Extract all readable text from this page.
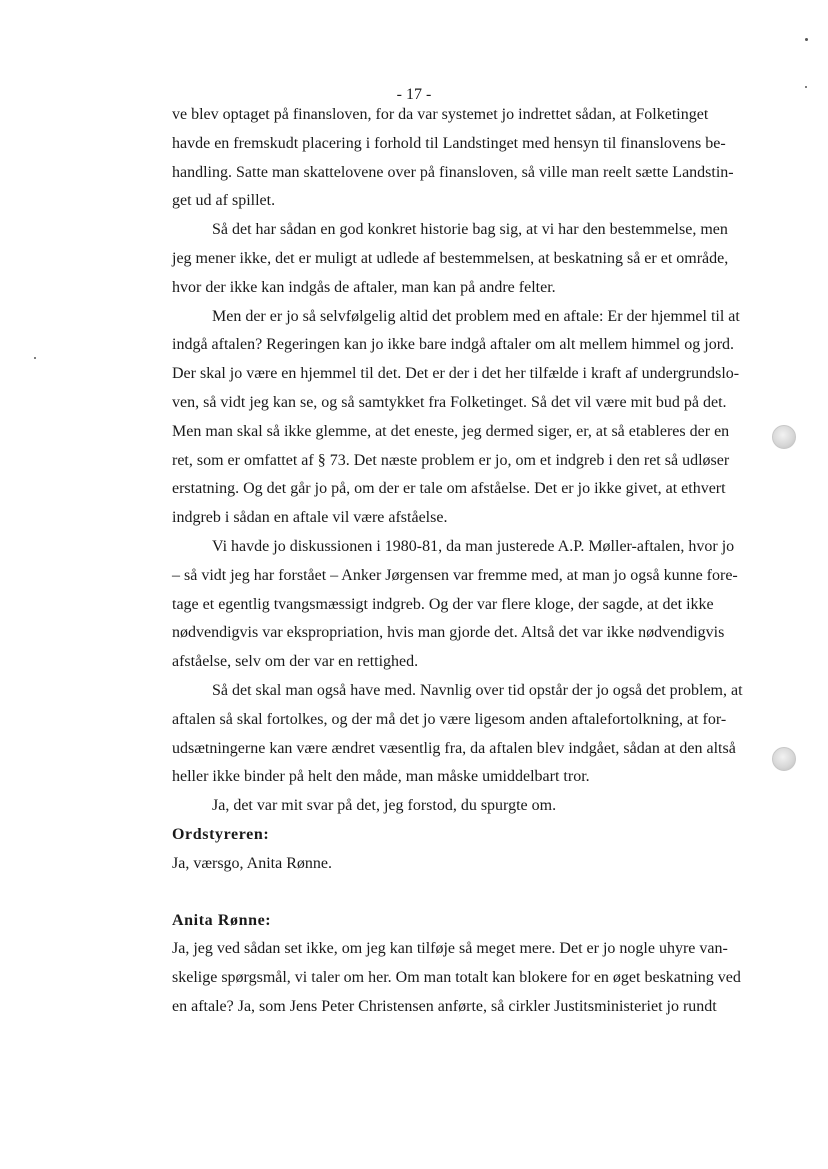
- 17 -

ve blev optaget på finansloven, for da var systemet jo indrettet sådan, at Folketinget

havde en fremskudt placering i forhold til Landstinget med hensyn til finanslovens be-

handling. Satte man skattelovene over på finansloven, så ville man reelt sætte Landstin-

get ud af spillet.

Så det har sådan en god konkret historie bag sig, at vi har den bestemmelse, men

jeg mener ikke, det er muligt at udlede af bestemmelsen, at beskatning så er et område,

hvor der ikke kan indgås de aftaler, man kan på andre felter.

Men der er jo så selvfølgelig altid det problem med en aftale: Er der hjemmel til at

indgå aftalen? Regeringen kan jo ikke bare indgå aftaler om alt mellem himmel og jord.

Der skal jo være en hjemmel til det. Det er der i det her tilfælde i kraft af undergrundslo-

ven, så vidt jeg kan se, og så samtykket fra Folketinget. Så det vil være mit bud på det.

Men man skal så ikke glemme, at det eneste, jeg dermed siger, er, at så etableres der en

ret, som er omfattet af § 73. Det næste problem er jo, om et indgreb i den ret så udløser

erstatning. Og det går jo på, om der er tale om afståelse. Det er jo ikke givet, at ethvert

indgreb i sådan en aftale vil være afståelse.

Vi havde jo diskussionen i 1980-81, da man justerede A.P. Møller-aftalen, hvor jo

– så vidt jeg har forstået – Anker Jørgensen var fremme med, at man jo også kunne fore-

tage et egentlig tvangsmæssigt indgreb. Og der var flere kloge, der sagde, at det ikke

nødvendigvis var ekspropriation, hvis man gjorde det. Altså det var ikke nødvendigvis

afståelse, selv om der var en rettighed.

Så det skal man også have med. Navnlig over tid opstår der jo også det problem, at

aftalen så skal fortolkes, og der må det jo være ligesom anden aftalefortolkning, at for-

udsætningerne kan være ændret væsentlig fra, da aftalen blev indgået, sådan at den altså

heller ikke binder på helt den måde, man måske umiddelbart tror.

Ja, det var mit svar på det, jeg forstod, du spurgte om.

Ordstyreren:

Ja, værsgo, Anita Rønne.

Anita Rønne:

Ja, jeg ved sådan set ikke, om jeg kan tilføje så meget mere. Det er jo nogle uhyre van-

skelige spørgsmål, vi taler om her. Om man totalt kan blokere for en øget beskatning ved

en aftale? Ja, som Jens Peter Christensen anførte, så cirkler Justitsministeriet jo rundt
